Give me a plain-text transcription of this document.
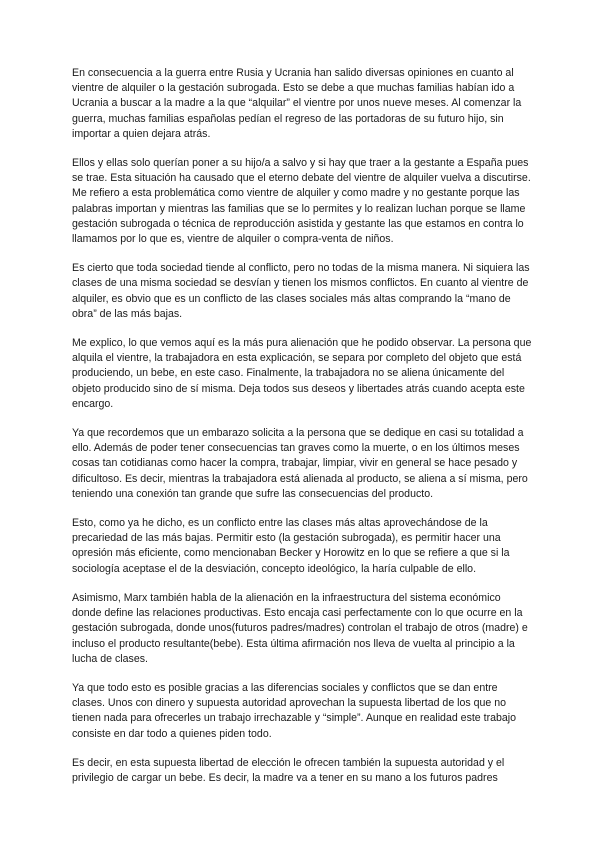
En consecuencia a la guerra entre Rusia y Ucrania han salido diversas opiniones en cuanto al vientre de alquiler o la gestación subrogada. Esto se debe a que muchas familias habían ido a Ucrania a buscar a la madre a la que “alquilar” el vientre por unos nueve meses. Al comenzar la guerra, muchas familias españolas pedían el regreso de las portadoras de su futuro hijo, sin importar a quien dejara atrás.

Ellos y ellas solo querían poner a su hijo/a a salvo y si hay que traer a la gestante a España pues se trae. Esta situación ha causado que el eterno debate del vientre de alquiler vuelva a discutirse. Me refiero a esta problemática como vientre de alquiler y como madre y no gestante porque las palabras importan y mientras las familias que se lo permites y lo realizan luchan porque se llame gestación subrogada o técnica de reproducción asistida y gestante las que estamos en contra lo llamamos por lo que es, vientre de alquiler o compra-venta de niños.

Es cierto que toda sociedad tiende al conflicto, pero no todas de la misma manera. Ni siquiera las clases de una misma sociedad se desvían y tienen los mismos conflictos. En cuanto al vientre de alquiler, es obvio que es un conflicto de las clases sociales más altas comprando la “mano de obra” de las más bajas.

Me explico, lo que vemos aquí es la más pura alienación que he podido observar. La persona que alquila el vientre, la trabajadora en esta explicación, se separa por completo del objeto que está produciendo, un bebe, en este caso. Finalmente, la trabajadora no se aliena únicamente del objeto producido sino de sí misma. Deja todos sus deseos y libertades atrás cuando acepta este encargo.

Ya que recordemos que un embarazo solicita a la persona que se dedique en casi su totalidad a ello. Además de poder tener consecuencias tan graves como la muerte, o en los últimos meses cosas tan cotidianas como hacer la compra, trabajar, limpiar, vivir en general se hace pesado y dificultoso. Es decir, mientras la trabajadora está alienada al producto, se aliena a sí misma, pero teniendo una conexión tan grande que sufre las consecuencias del producto.

Esto, como ya he dicho, es un conflicto entre las clases más altas aprovechándose de la precariedad de las más bajas. Permitir esto (la gestación subrogada), es permitir hacer una opresión más eficiente, como mencionaban Becker y Horowitz en lo que se refiere a que si la sociología aceptase el de la desviación, concepto ideológico, la haría culpable de ello.

Asimismo, Marx también habla de la alienación en la infraestructura del sistema económico donde define las relaciones productivas. Esto encaja casi perfectamente con lo que ocurre en la gestación subrogada, donde unos(futuros padres/madres) controlan el trabajo de otros (madre) e incluso el producto resultante(bebe). Esta última afirmación nos lleva de vuelta al principio a la lucha de clases.

Ya que todo esto es posible gracias a las diferencias sociales y conflictos que se dan entre clases. Unos con dinero y supuesta autoridad aprovechan la supuesta libertad de los que no tienen nada para ofrecerles un trabajo irrechazable y “simple”. Aunque en realidad este trabajo consiste en dar todo a quienes piden todo.

Es decir, en esta supuesta libertad de elección le ofrecen también la supuesta autoridad y el privilegio de cargar un bebe. Es decir, la madre va a tener en su mano a los futuros padres
